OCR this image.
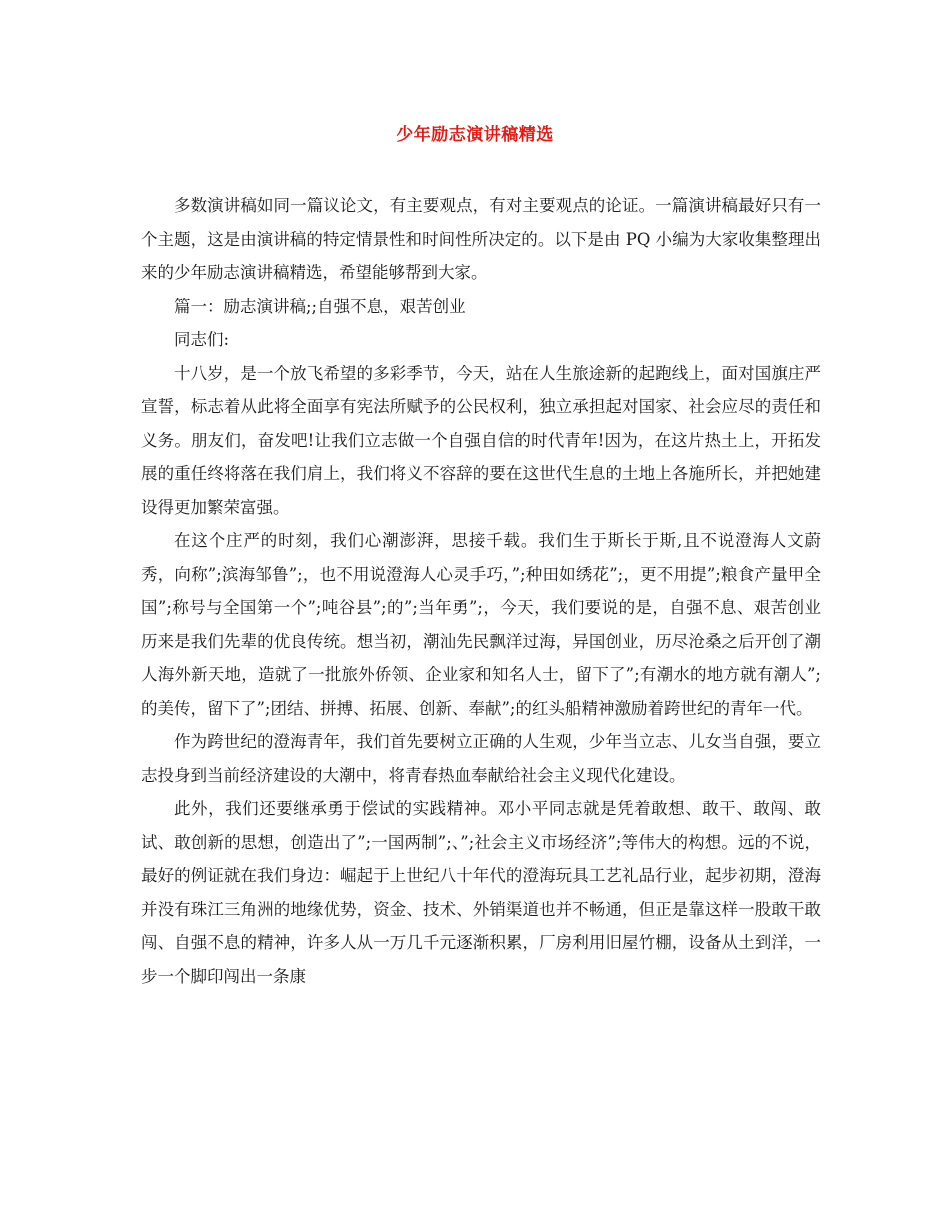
少年励志演讲稿精选

多数演讲稿如同一篇议论文，有主要观点，有对主要观点的论证。一篇演讲稿最好只有一个主题，这是由演讲稿的特定情景性和时间性所决定的。以下是由 PQ 小编为大家收集整理出来的少年励志演讲稿精选，希望能够帮到大家。

篇一：励志演讲稿;;自强不息，艰苦创业

同志们:

十八岁，是一个放飞希望的多彩季节，今天，站在人生旅途新的起跑线上，面对国旗庄严宣誓，标志着从此将全面享有宪法所赋予的公民权利，独立承担起对国家、社会应尽的责任和义务。朋友们，奋发吧!让我们立志做一个自强自信的时代青年!因为，在这片热土上，开拓发展的重任终将落在我们肩上，我们将义不容辞的要在这世代生息的土地上各施所长，并把她建设得更加繁荣富强。

在这个庄严的时刻，我们心潮澎湃，思接千载。我们生于斯长于斯,且不说澄海人文蔚秀，向称”;滨海邹鲁”;，也不用说澄海人心灵手巧，”;种田如绣花”;，更不用提”;粮食产量甲全国”;称号与全国第一个”;吨谷县”;的”;当年勇”;，今天，我们要说的是，自强不息、艰苦创业历来是我们先辈的优良传统。想当初，潮汕先民飘洋过海，异国创业，历尽沧桑之后开创了潮人海外新天地，造就了一批旅外侨领、企业家和知名人士，留下了”;有潮水的地方就有潮人”;的美传，留下了”;团结、拼搏、拓展、创新、奉献”;的红头船精神激励着跨世纪的青年一代。

作为跨世纪的澄海青年，我们首先要树立正确的人生观，少年当立志、儿女当自强，要立志投身到当前经济建设的大潮中，将青春热血奉献给社会主义现代化建设。

此外，我们还要继承勇于偿试的实践精神。邓小平同志就是凭着敢想、敢干、敢闯、敢试、敢创新的思想，创造出了”;一国两制”;、”;社会主义市场经济”;等伟大的构想。远的不说，最好的例证就在我们身边：崛起于上世纪八十年代的澄海玩具工艺礼品行业，起步初期，澄海并没有珠江三角洲的地缘优势，资金、技术、外销渠道也并不畅通，但正是靠这样一股敢干敢闯、自强不息的精神，许多人从一万几千元逐渐积累，厂房利用旧屋竹棚，设备从土到洋，一步一个脚印闯出一条康
